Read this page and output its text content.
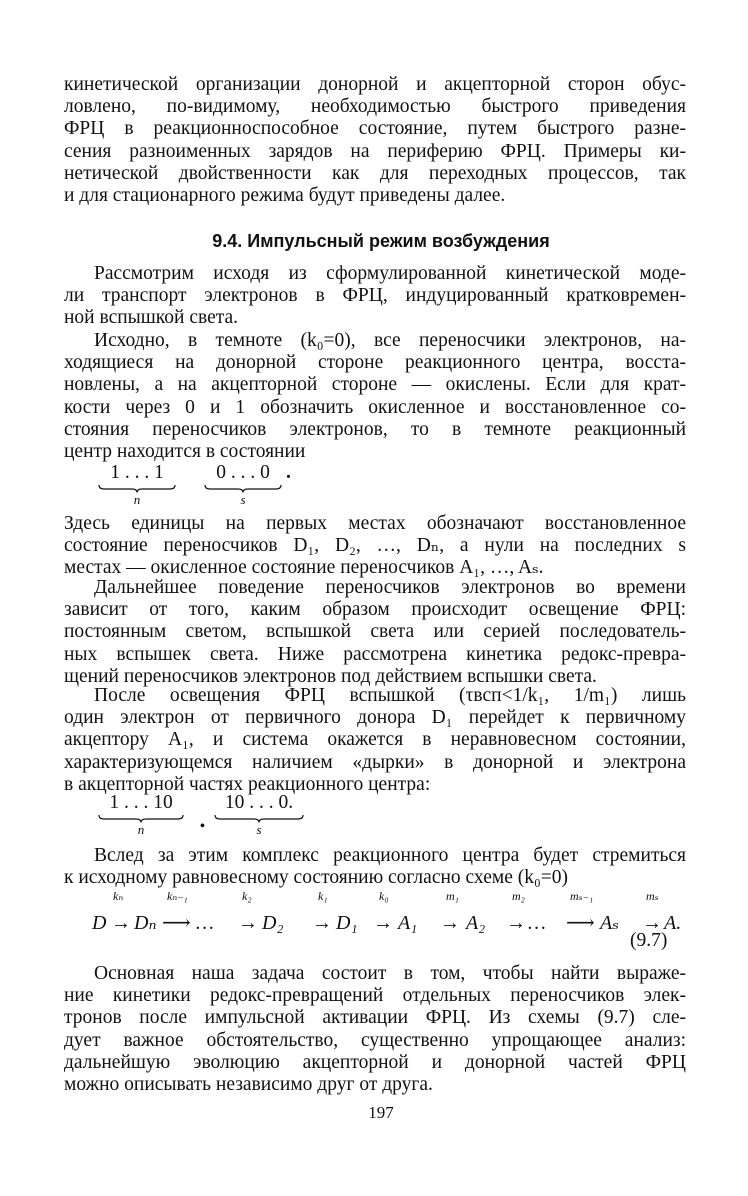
кинетической организации донорной и акцепторной сторон обус-
ловлено, по-видимому, необходимостью быстрого приведения
ФРЦ в реакционноспособное состояние, путем быстрого разне-
сения разноименных зарядов на периферию ФРЦ. Примеры ки-
нетической двойственности как для переходных процессов, так
и для стационарного режима будут приведены далее.
9.4. Импульсный режим возбуждения
Рассмотрим исходя из сформулированной кинетической моде-
ли транспорт электронов в ФРЦ, индуцированный кратковремен-
ной вспышкой света.
Исходно, в темноте (k₀=0), все переносчики электронов, на-
ходящиеся на донорной стороне реакционного центра, восста-
новлены, а на акцепторной стороне — окислены. Если для крат-
кости через 0 и 1 обозначить окисленное и восстановленное со-
стояния переносчиков электронов, то в темноте реакционный
центр находится в состоянии
1 . . . 1
n
0 . . . 0
s
.
Здесь единицы на первых местах обозначают восстановленное
состояние переносчиков D₁, D₂, …, Dₙ, а нули на последних s
местах — окисленное состояние переносчиков A₁, …, Aₛ.
Дальнейшее поведение переносчиков электронов во времени
зависит от того, каким образом происходит освещение ФРЦ:
постоянным светом, вспышкой света или серией последователь-
ных вспышек света. Ниже рассмотрена кинетика редокс-превра-
щений переносчиков электронов под действием вспышки света.
После освещения ФРЦ вспышкой (τвсп<1/k₁, 1/m₁) лишь
один электрон от первичного донора D₁ перейдет к первичному
акцептору A₁, и система окажется в неравновесном состоянии,
характеризующемся наличием «дырки» в донорной и электрона
в акцепторной частях реакционного центра:
1 . . . 10
n	•
10 . . . 0.
s
Вслед за этим комплекс реакционного центра будет стремиться
к исходному равновесному состоянию согласно схеме (k₀=0)
D
kₙ
→ Dₙ
kₙ₋₁
⟶ …
k₂
→ D₂
k₁
→ D₁
k₀
→ A₁
m₁
→ A₂
m₂
→ …
mₛ₋₁
⟶ Aₛ
mₛ
→ A.
(9.7)
Основная наша задача состоит в том, чтобы найти выраже-
ние кинетики редокс-превращений отдельных переносчиков элек-
тронов после импульсной активации ФРЦ. Из схемы (9.7) сле-
дует важное обстоятельство, существенно упрощающее анализ:
дальнейшую эволюцию акцепторной и донорной частей ФРЦ
можно описывать независимо друг от друга.
197
